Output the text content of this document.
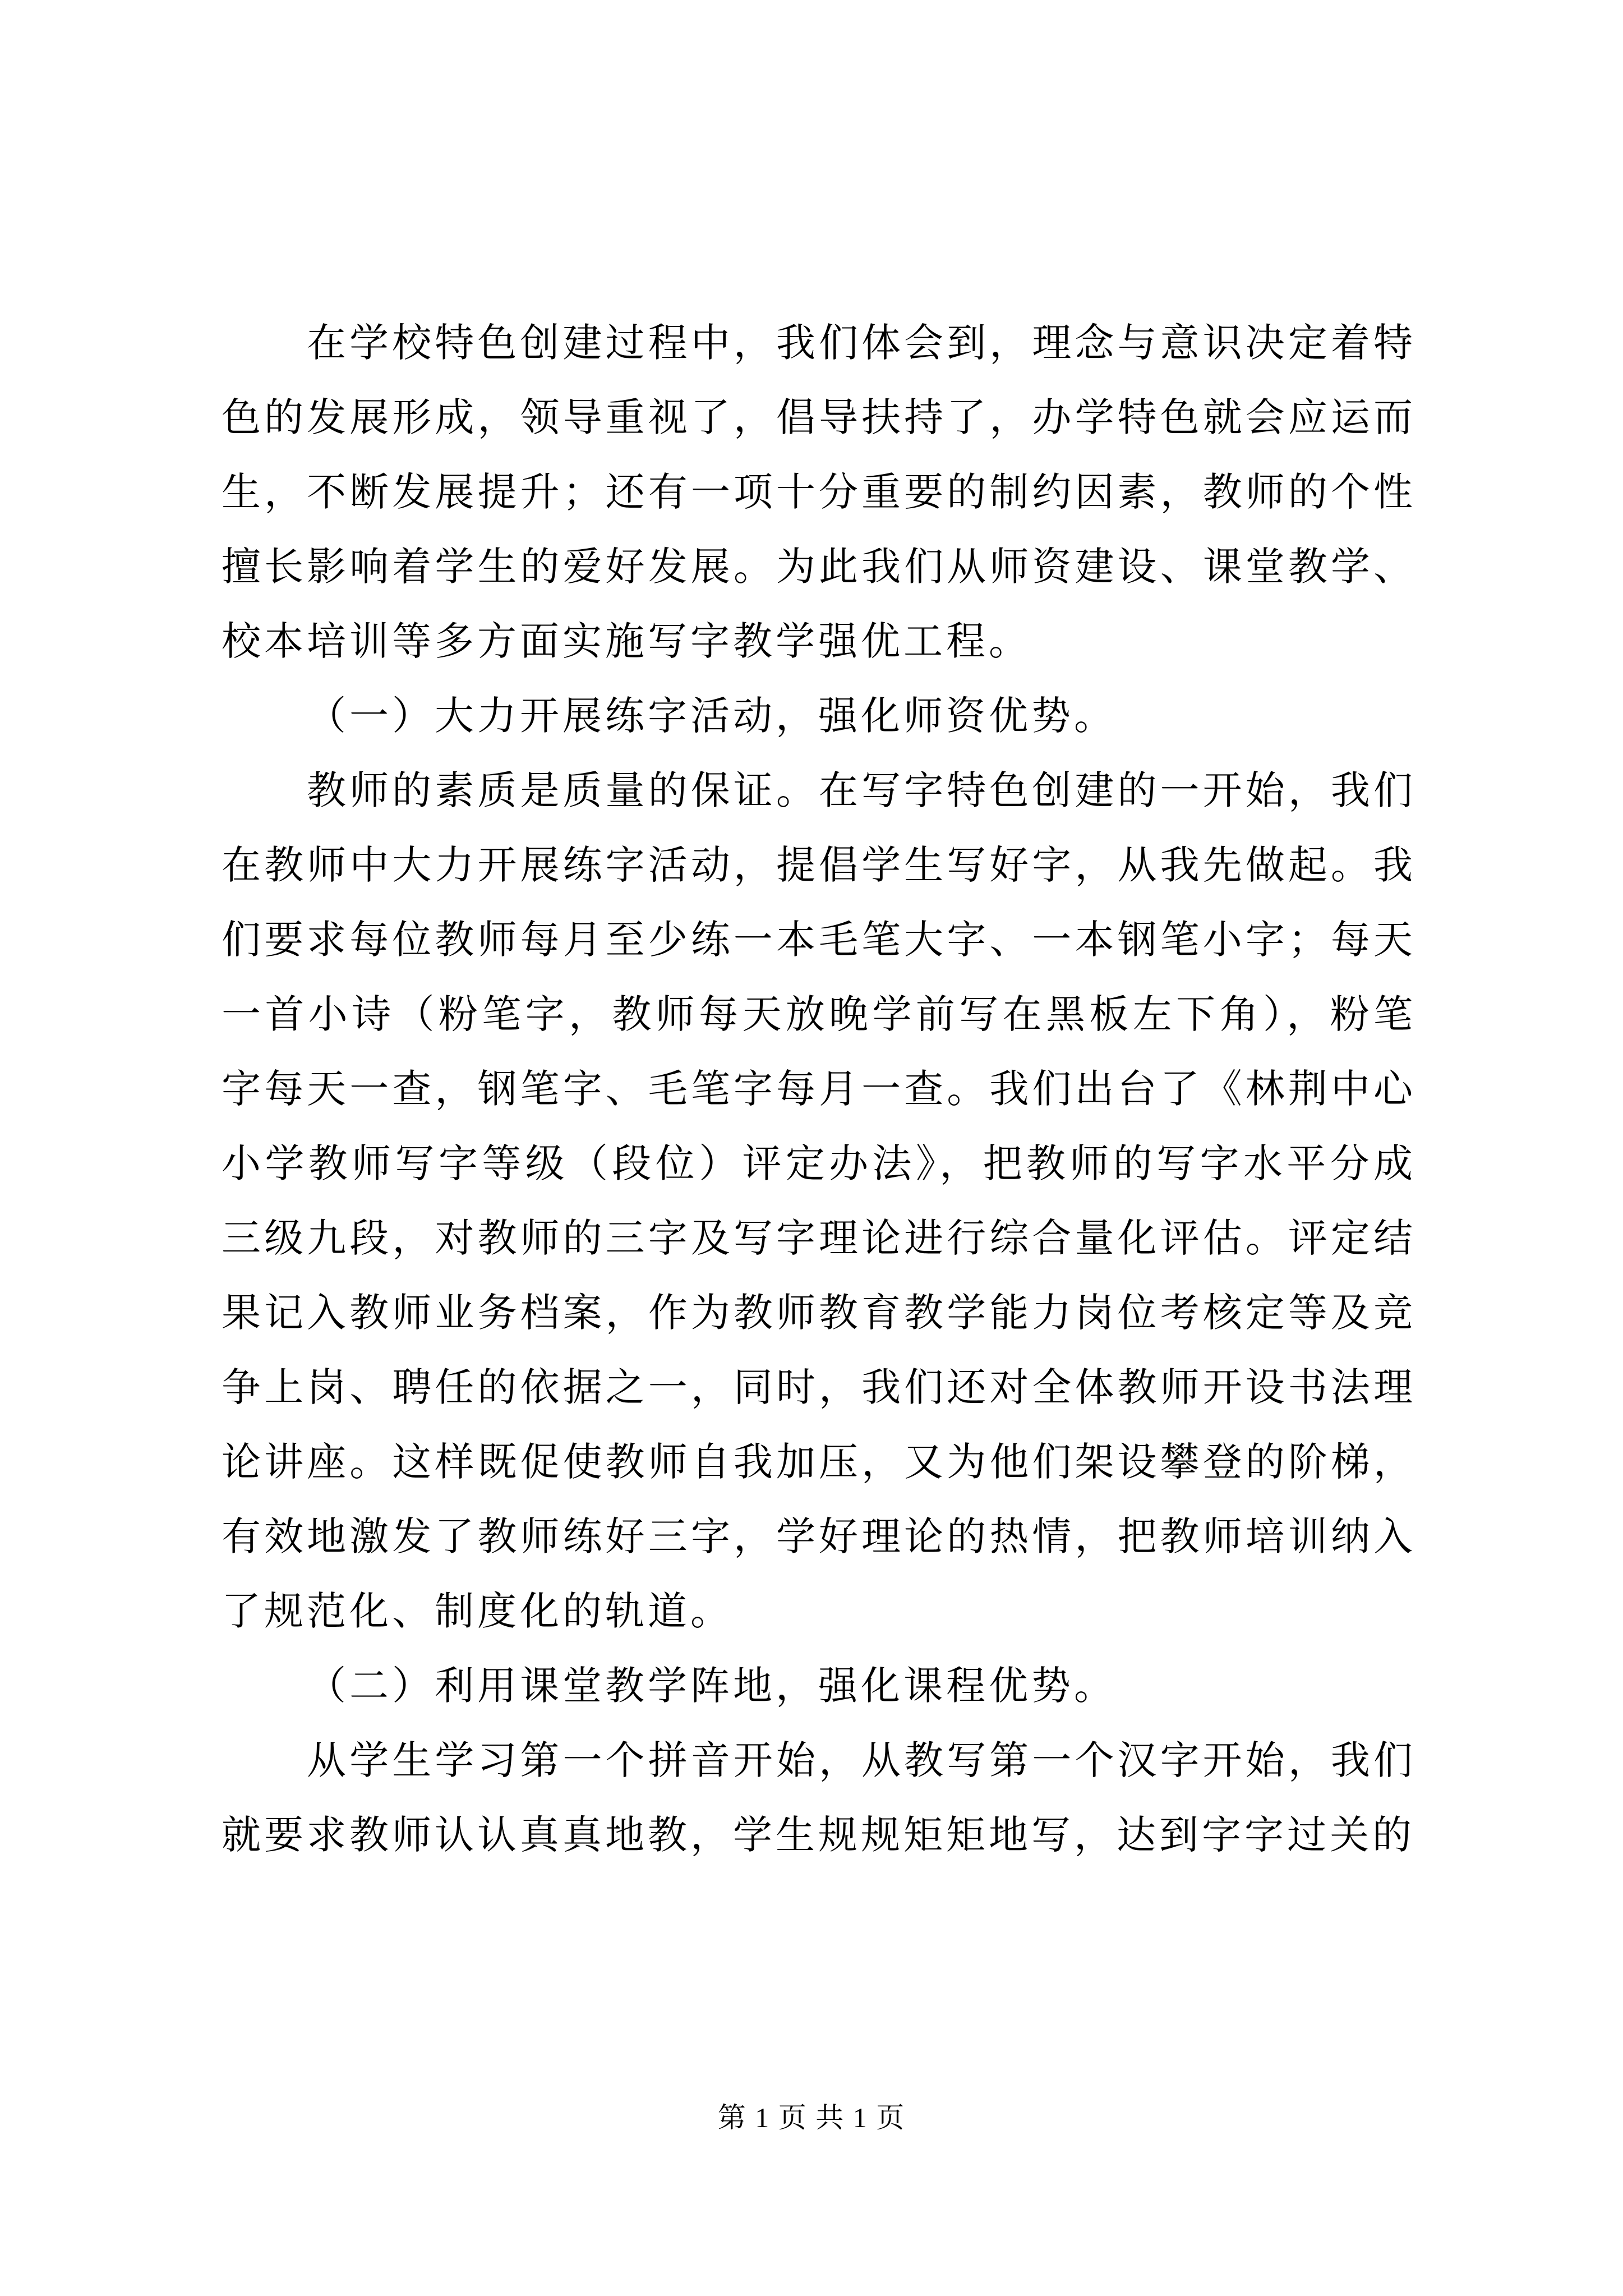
在学校特色创建过程中，我们体会到，理念与意识决定着特色的发展形成，领导重视了，倡导扶持了，办学特色就会应运而生，不断发展提升；还有一项十分重要的制约因素，教师的个性擅长影响着学生的爱好发展。为此我们从师资建设、课堂教学、校本培训等多方面实施写字教学强优工程。

（一）大力开展练字活动，强化师资优势。

教师的素质是质量的保证。在写字特色创建的一开始，我们在教师中大力开展练字活动，提倡学生写好字，从我先做起。我们要求每位教师每月至少练一本毛笔大字、一本钢笔小字；每天一首小诗（粉笔字，教师每天放晚学前写在黑板左下角），粉笔字每天一查，钢笔字、毛笔字每月一查。我们出台了《林荆中心小学教师写字等级（段位）评定办法》，把教师的写字水平分成三级九段，对教师的三字及写字理论进行综合量化评估。评定结果记入教师业务档案，作为教师教育教学能力岗位考核定等及竞争上岗、聘任的依据之一，同时，我们还对全体教师开设书法理论讲座。这样既促使教师自我加压，又为他们架设攀登的阶梯，有效地激发了教师练好三字，学好理论的热情，把教师培训纳入了规范化、制度化的轨道。

（二）利用课堂教学阵地，强化课程优势。

从学生学习第一个拼音开始，从教写第一个汉字开始，我们就要求教师认认真真地教，学生规规矩矩地写，达到字字过关的

第 1 页 共 1 页
